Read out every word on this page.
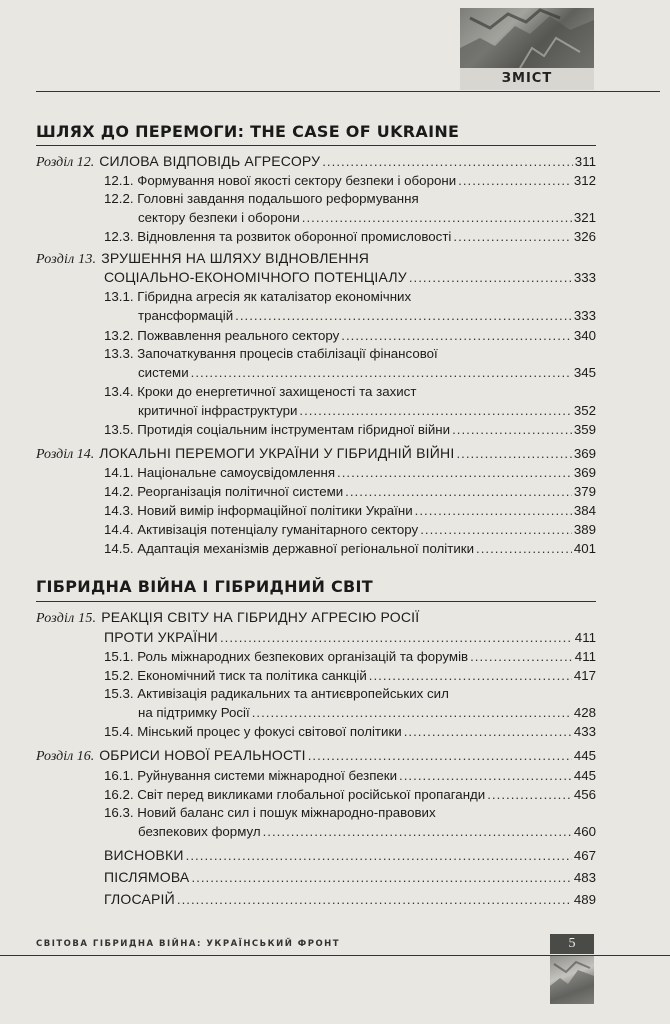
ЗМІСТ
ШЛЯХ ДО ПЕРЕМОГИ: THE CASE OF UKRAINE
Розділ 12. СИЛОВА ВІДПОВІДЬ АГРЕСОРУ .....	311
12.1. Формування нової якості сектору безпеки і оборони .....	312
12.2. Головні завдання подальшого реформування
сектору безпеки і оборони .....	321
12.3. Відновлення та розвиток оборонної промисловості .....	326
Розділ 13. ЗРУШЕННЯ НА ШЛЯХУ ВІДНОВЛЕННЯ
СОЦІАЛЬНО-ЕКОНОМІЧНОГО ПОТЕНЦІАЛУ .....	333
13.1. Гібридна агресія як каталізатор економічних
трансформацій .....	333
13.2. Пожвавлення реального сектору .....	340
13.3. Започаткування процесів стабілізації фінансової
системи .....	345
13.4. Кроки до енергетичної захищеності та захист
критичної інфраструктури .....	352
13.5. Протидія соціальним інструментам гібридної війни .....	359
Розділ 14. ЛОКАЛЬНІ ПЕРЕМОГИ УКРАЇНИ У ГІБРИДНІЙ ВІЙНІ .....	369
14.1. Національне самоусвідомлення .....	369
14.2. Реорганізація політичної системи .....	379
14.3. Новий вимір інформаційної політики України .....	384
14.4. Активізація потенціалу гуманітарного сектору .....	389
14.5. Адаптація механізмів державної регіональної політики .....	401
ГІБРИДНА ВІЙНА І ГІБРИДНИЙ СВІТ
Розділ 15. РЕАКЦІЯ СВІТУ НА ГІБРИДНУ АГРЕСІЮ РОСІЇ
ПРОТИ УКРАЇНИ .....	411
15.1. Роль міжнародних безпекових організацій та форумів .....	411
15.2. Економічний тиск та політика санкцій .....	417
15.3. Активізація радикальних та антиєвропейських сил
на підтримку Росії .....	428
15.4. Мінський процес у фокусі світової політики .....	433
Розділ 16. ОБРИСИ НОВОЇ РЕАЛЬНОСТІ .....	445
16.1. Руйнування системи міжнародної безпеки .....	445
16.2. Світ перед викликами глобальної російської пропаганди .....	456
16.3. Новий баланс сил і пошук міжнародно-правових
безпекових формул .....	460
ВИСНОВКИ .....	467
ПІСЛЯМОВА .....	483
ГЛОСАРІЙ .....	489
СВІТОВА ГІБРИДНА ВІЙНА: УКРАЇНСЬКИЙ ФРОНТ	5
